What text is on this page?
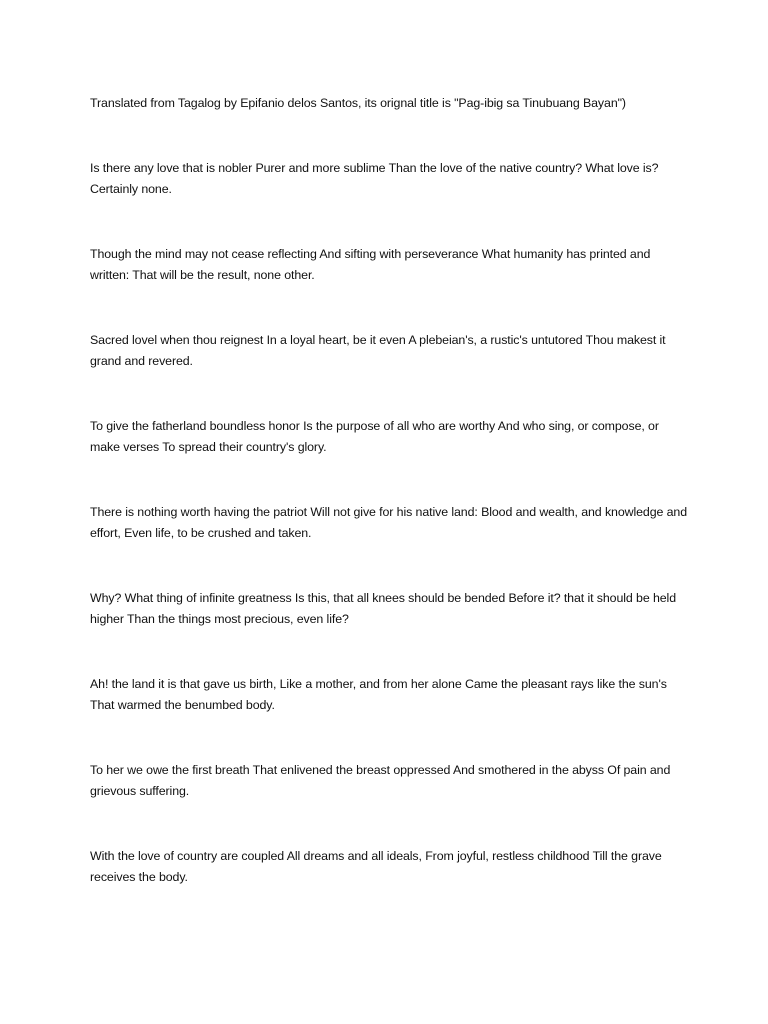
Translated from Tagalog by Epifanio delos Santos, its orignal title is "Pag-ibig sa Tinubuang Bayan")

Is there any love that is nobler Purer and more sublime Than the love of the native country? What love is? Certainly none.

Though the mind may not cease reflecting And sifting with perseverance What humanity has printed and written: That will be the result, none other.

Sacred lovel when thou reignest In a loyal heart, be it even A plebeian's, a rustic's untutored Thou makest it grand and revered.

To give the fatherland boundless honor Is the purpose of all who are worthy And who sing, or compose, or make verses To spread their country's glory.

There is nothing worth having the patriot Will not give for his native land: Blood and wealth, and knowledge and effort, Even life, to be crushed and taken.

Why? What thing of infinite greatness Is this, that all knees should be bended Before it? that it should be held higher Than the things most precious, even life?

Ah! the land it is that gave us birth, Like a mother, and from her alone Came the pleasant rays like the sun's That warmed the benumbed body.

To her we owe the first breath That enlivened the breast oppressed And smothered in the abyss Of pain and grievous suffering.

With the love of country are coupled All dreams and all ideals, From joyful, restless childhood Till the grave receives the body.
